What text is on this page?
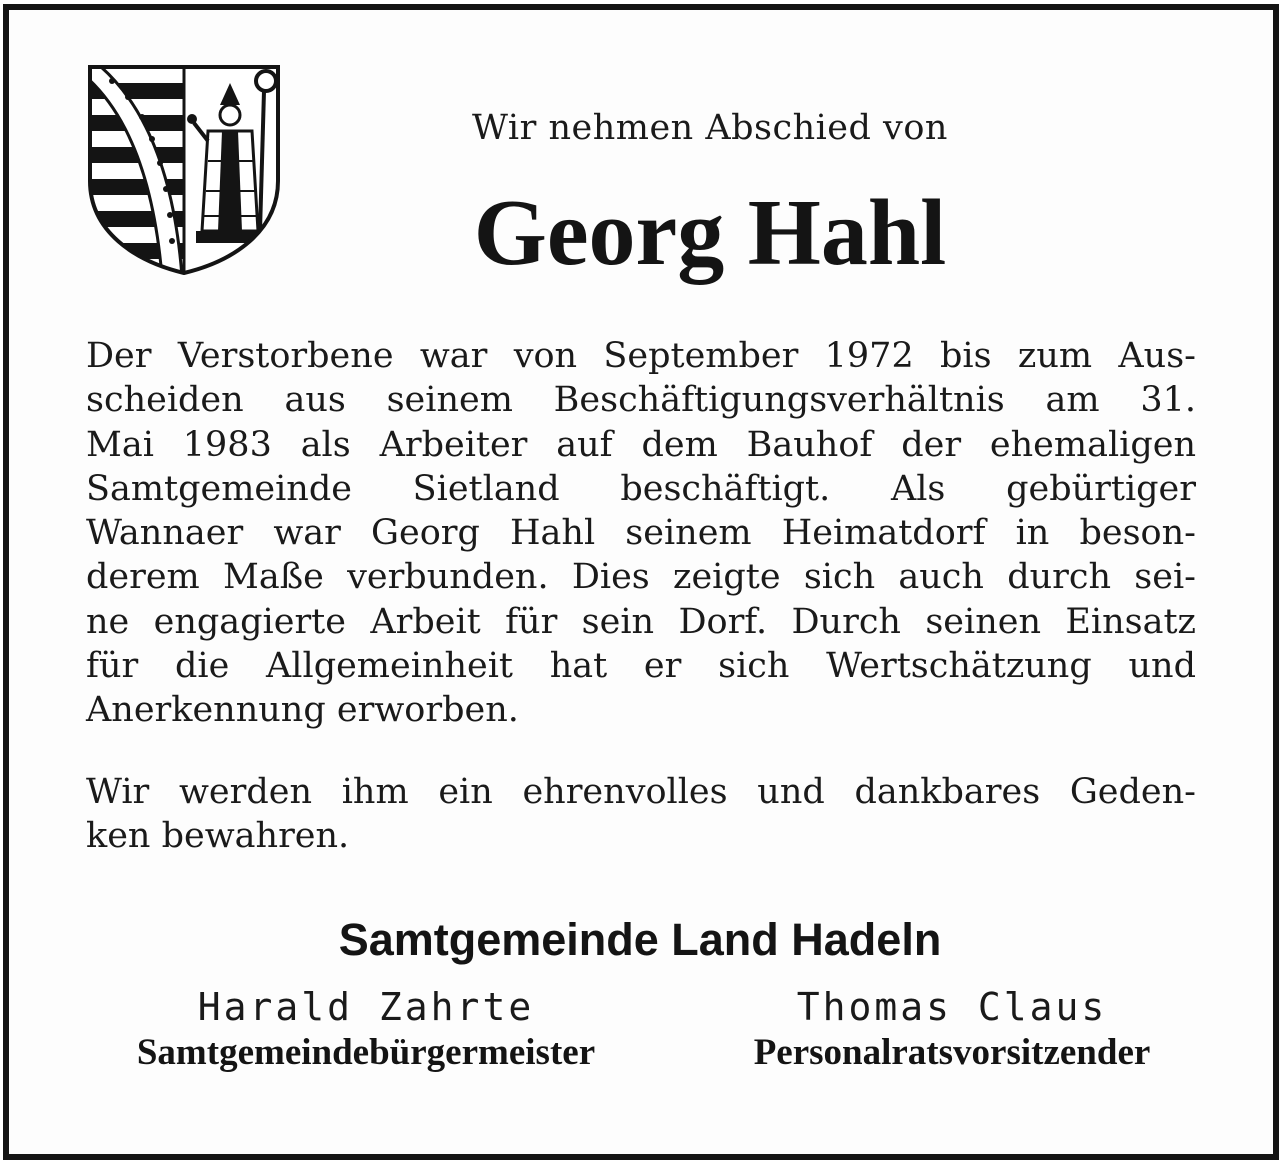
Wir nehmen Abschied von
Georg Hahl

Der Verstorbene war von September 1972 bis zum Aus-
scheiden aus seinem Beschäftigungsverhältnis am 31.
Mai 1983 als Arbeiter auf dem Bauhof der ehemaligen
Samtgemeinde Sietland beschäftigt. Als gebürtiger
Wannaer war Georg Hahl seinem Heimatdorf in beson-
derem Maße verbunden. Dies zeigte sich auch durch sei-
ne engagierte Arbeit für sein Dorf. Durch seinen Einsatz
für die Allgemeinheit hat er sich Wertschätzung und
Anerkennung erworben.

Wir werden ihm ein ehrenvolles und dankbares Geden-
ken bewahren.

Samtgemeinde Land Hadeln
Harald Zahrte
Samtgemeindebürgermeister
Thomas Claus
Personalratsvorsitzender
